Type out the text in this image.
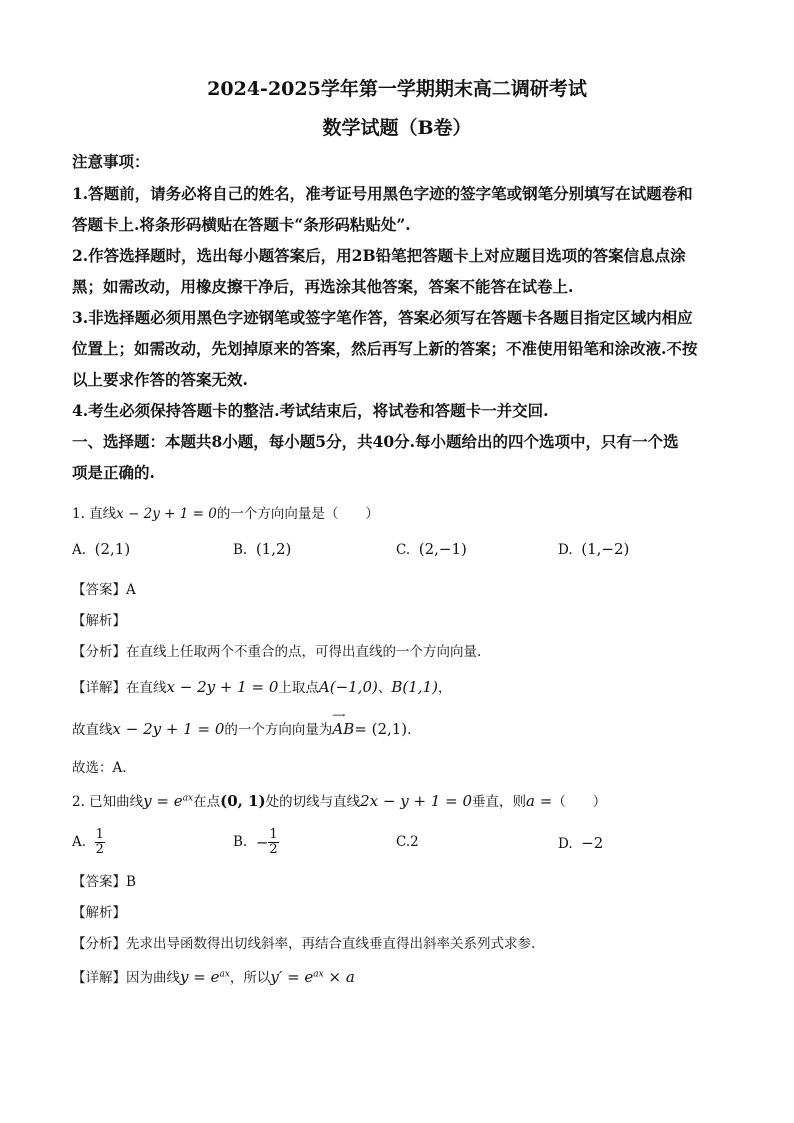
2024-2025学年第一学期期末高二调研考试
数学试题（B卷）
注意事项：
1.答题前，请务必将自己的姓名，准考证号用黑色字迹的签字笔或钢笔分别填写在试题卷和
答题卡上.将条形码横贴在答题卡“条形码粘贴处”.
2.作答选择题时，选出每小题答案后，用2B铅笔把答题卡上对应题目选项的答案信息点涂
黑；如需改动，用橡皮擦干净后，再选涂其他答案，答案不能答在试卷上.
3.非选择题必须用黑色字迹钢笔或签字笔作答，答案必须写在答题卡各题目指定区域内相应
位置上；如需改动，先划掉原来的答案，然后再写上新的答案；不准使用铅笔和涂改液.不按
以上要求作答的答案无效.
4.考生必须保持答题卡的整洁.考试结束后，将试卷和答题卡一并交回.
一、选择题：本题共8小题，每小题5分，共40分.每小题给出的四个选项中，只有一个选
项是正确的.
1. 直线x − 2y + 1 = 0的一个方向向量是（　　）
A. (2,1)	B. (1,2)	C. (2,−1)	D. (1,−2)
【答案】A
【解析】
【分析】在直线上任取两个不重合的点，可得出直线的一个方向向量.
【详解】在直线x − 2y + 1 = 0上取点A(−1,0)、B(1,1)，
故直线x − 2y + 1 = 0的一个方向向量为
⟶
AB= (2,1).
故选：A.
2. 已知曲线$y = e^{ax}$在点(0, 1)处的切线与直线2x − y + 1 = 0垂直，则a =（　　）
A. $\frac{1}{2}$	B. − $\frac{1}{2}$	C.2	D. −2
【答案】B
【解析】
【分析】先求出导函数得出切线斜率，再结合直线垂直得出斜率关系列式求参.
【详解】因为曲线$y = e^{ax}$，所以$y' = e^{ax} \times a$
